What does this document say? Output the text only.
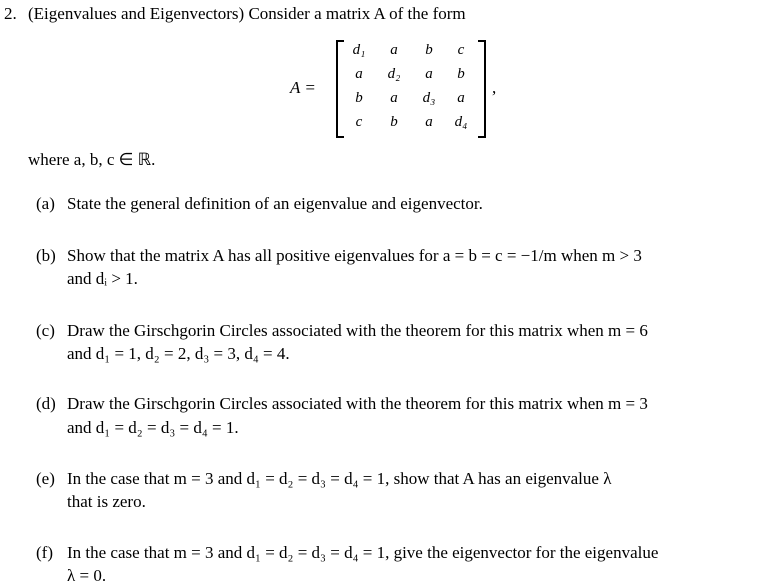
2. (Eigenvalues and Eigenvectors) Consider a matrix A of the form
A =
d₁	a	b	c
a	d₂	a	b
b	a	d₃	a
c	b	a	d₄
,
where a, b, c ∈ ℝ.
(a) State the general definition of an eigenvalue and eigenvector.
(b) Show that the matrix A has all positive eigenvalues for a = b = c = −1/m when m > 3
and dᵢ > 1.
(c) Draw the Girschgorin Circles associated with the theorem for this matrix when m = 6
and d₁ = 1, d₂ = 2, d₃ = 3, d₄ = 4.
(d) Draw the Girschgorin Circles associated with the theorem for this matrix when m = 3
and d₁ = d₂ = d₃ = d₄ = 1.
(e) In the case that m = 3 and d₁ = d₂ = d₃ = d₄ = 1, show that A has an eigenvalue λ
that is zero.
(f) In the case that m = 3 and d₁ = d₂ = d₃ = d₄ = 1, give the eigenvector for the eigenvalue
λ = 0.
